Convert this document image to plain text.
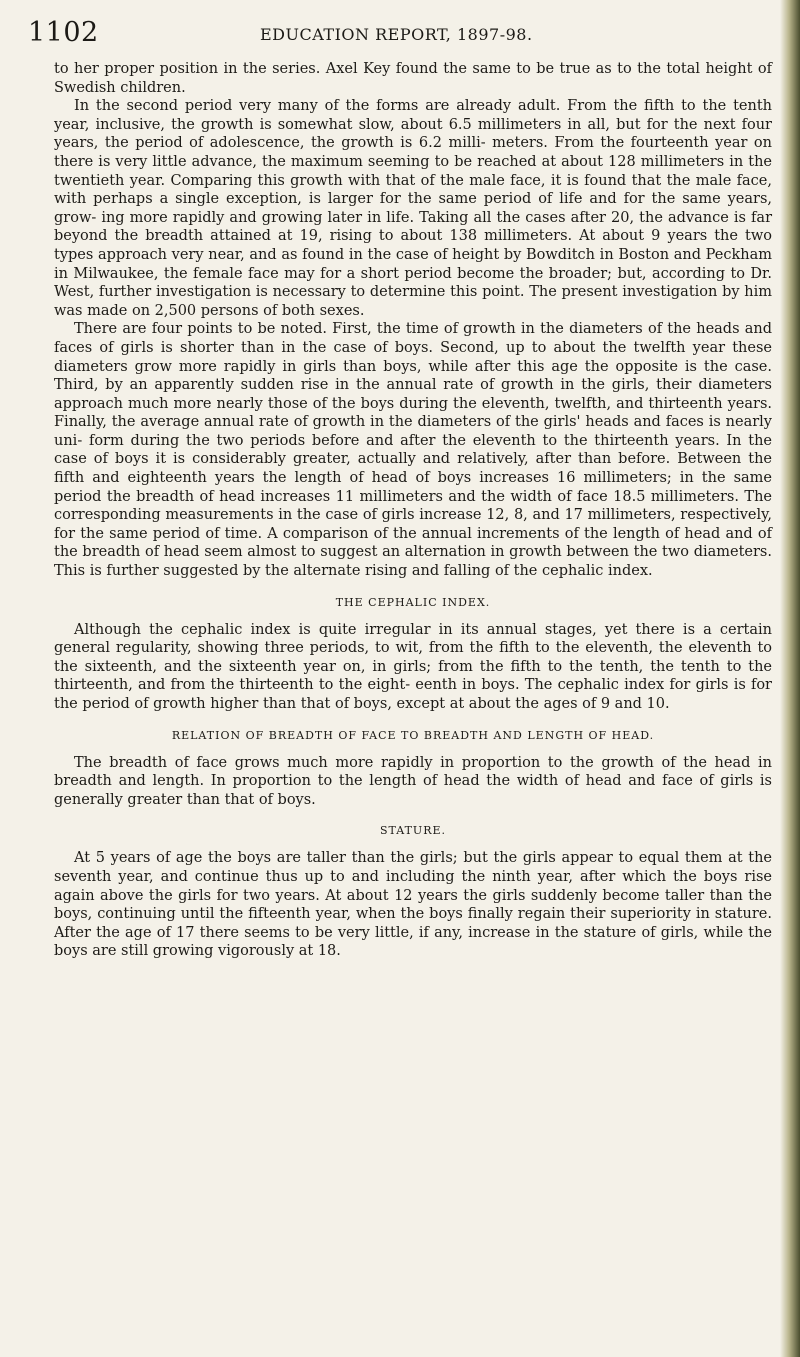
1102	EDUCATION REPORT, 1897-98.

to her proper position in the series. Axel Key found the same to be true as to the total height of Swedish children.

In the second period very many of the forms are already adult. From the fifth to the tenth year, inclusive, the growth is somewhat slow, about 6.5 millimeters in all, but for the next four years, the period of adolescence, the growth is 6.2 milli- meters. From the fourteenth year on there is very little advance, the maximum seeming to be reached at about 128 millimeters in the twentieth year. Comparing this growth with that of the male face, it is found that the male face, with perhaps a single exception, is larger for the same period of life and for the same years, grow- ing more rapidly and growing later in life. Taking all the cases after 20, the advance is far beyond the breadth attained at 19, rising to about 138 millimeters. At about 9 years the two types approach very near, and as found in the case of height by Bowditch in Boston and Peckham in Milwaukee, the female face may for a short period become the broader; but, according to Dr. West, further investigation is necessary to determine this point. The present investigation by him was made on 2,500 persons of both sexes.

There are four points to be noted. First, the time of growth in the diameters of the heads and faces of girls is shorter than in the case of boys. Second, up to about the twelfth year these diameters grow more rapidly in girls than boys, while after this age the opposite is the case. Third, by an apparently sudden rise in the annual rate of growth in the girls, their diameters approach much more nearly those of the boys during the eleventh, twelfth, and thirteenth years. Finally, the average annual rate of growth in the diameters of the girls' heads and faces is nearly uni- form during the two periods before and after the eleventh to the thirteenth years. In the case of boys it is considerably greater, actually and relatively, after than before. Between the fifth and eighteenth years the length of head of boys increases 16 millimeters; in the same period the breadth of head increases 11 millimeters and the width of face 18.5 millimeters. The corresponding measurements in the case of girls increase 12, 8, and 17 millimeters, respectively, for the same period of time. A comparison of the annual increments of the length of head and of the breadth of head seem almost to suggest an alternation in growth between the two diameters. This is further suggested by the alternate rising and falling of the cephalic index.

THE CEPHALIC INDEX.

Although the cephalic index is quite irregular in its annual stages, yet there is a certain general regularity, showing three periods, to wit, from the fifth to the eleventh, the eleventh to the sixteenth, and the sixteenth year on, in girls; from the fifth to the tenth, the tenth to the thirteenth, and from the thirteenth to the eight- eenth in boys. The cephalic index for girls is for the period of growth higher than that of boys, except at about the ages of 9 and 10.

RELATION OF BREADTH OF FACE TO BREADTH AND LENGTH OF HEAD.

The breadth of face grows much more rapidly in proportion to the growth of the head in breadth and length. In proportion to the length of head the width of head and face of girls is generally greater than that of boys.

STATURE.

At 5 years of age the boys are taller than the girls; but the girls appear to equal them at the seventh year, and continue thus up to and including the ninth year, after which the boys rise again above the girls for two years. At about 12 years the girls suddenly become taller than the boys, continuing until the fifteenth year, when the boys finally regain their superiority in stature. After the age of 17 there seems to be very little, if any, increase in the stature of girls, while the boys are still growing vigorously at 18.
